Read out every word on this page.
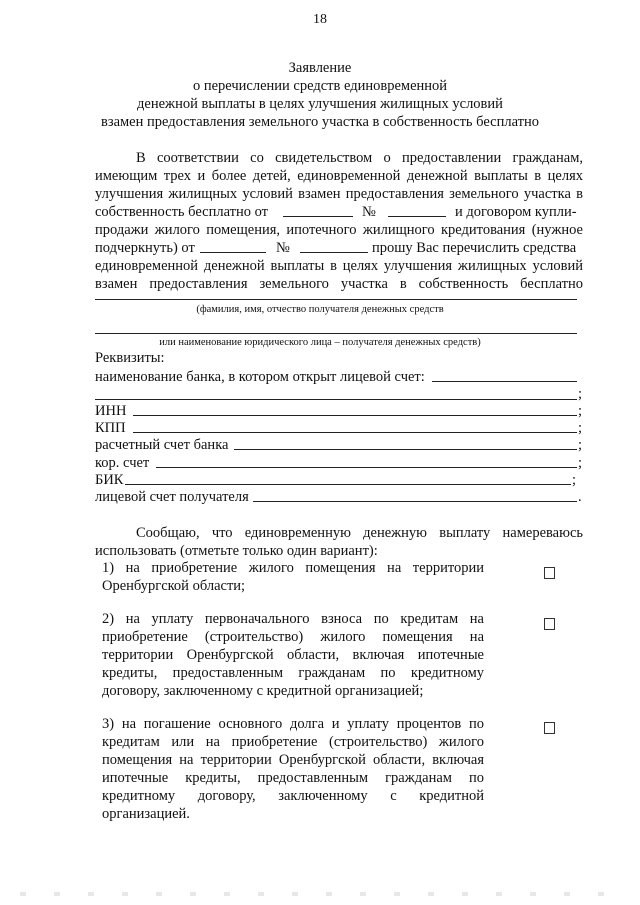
18
Заявление
о перечислении средств единовременной
денежной выплаты в целях улучшения жилищных условий
взамен предоставления земельного участка в собственность бесплатно
В соответствии со свидетельством о предоставлении гражданам,
имеющим трех и более детей, единовременной денежной выплаты в целях
улучшения жилищных условий взамен предоставления земельного участка в
собственность бесплатно от	№	и договором купли-
продажи жилого помещения, ипотечного жилищного кредитования (нужное
подчеркнуть) от	№	прошу Вас перечислить средства
единовременной денежной выплаты в целях улучшения жилищных условий
взамен предоставления земельного участка в собственность бесплатно
(фамилия, имя, отчество получателя денежных средств
или наименование юридического лица – получателя денежных средств)
Реквизиты:
наименование банка, в котором открыт лицевой счет:
;
ИНН	;
КПП	;
расчетный счет банка	;
кор. счет	;
БИК	;
лицевой счет получателя	.
Сообщаю, что единовременную денежную выплату намереваюсь
использовать (отметьте только один вариант):
1) на приобретение жилого помещения на территории
Оренбургской области;
2) на уплату первоначального взноса по кредитам на
приобретение (строительство) жилого помещения на
территории Оренбургской области, включая ипотечные
кредиты, предоставленным гражданам по кредитному
договору, заключенному с кредитной организацией;
3) на погашение основного долга и уплату процентов по
кредитам или на приобретение (строительство) жилого
помещения на территории Оренбургской области, включая
ипотечные кредиты, предоставленным гражданам по
кредитному договору, заключенному с кредитной
организацией.
